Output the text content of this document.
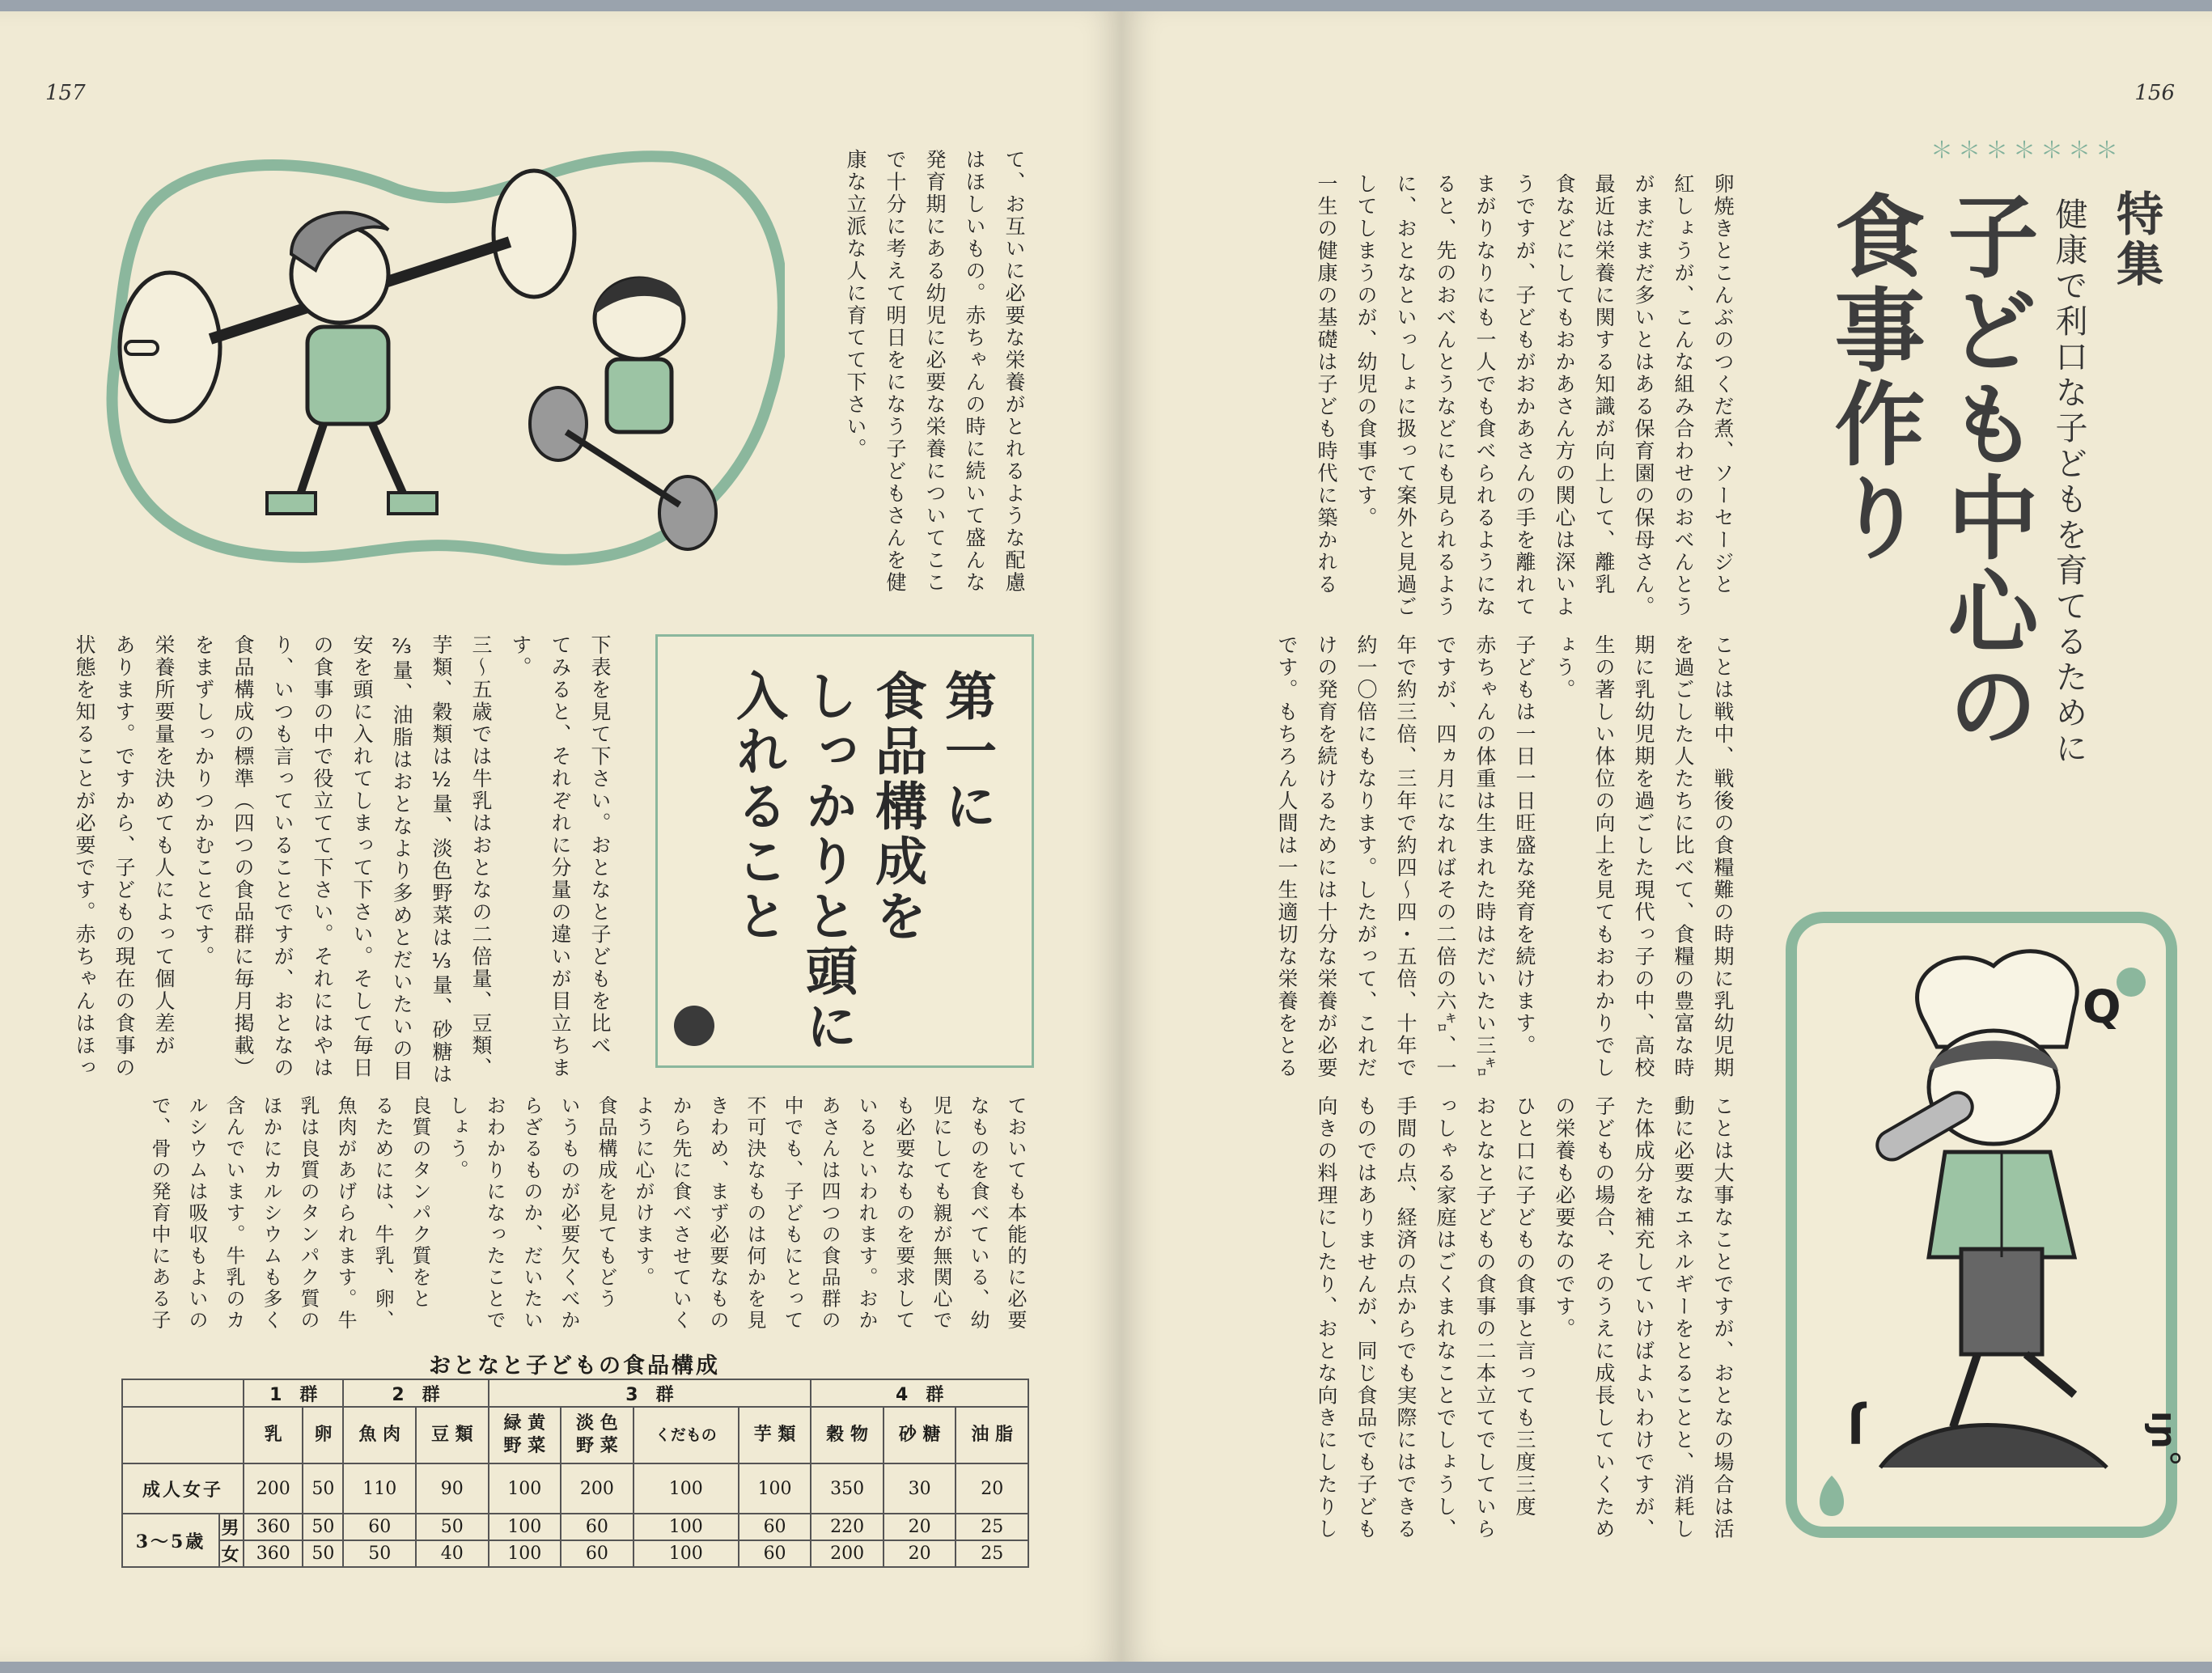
157

て、お互いに必要な栄養がとれるような配慮
はほしいもの。赤ちゃんの時に続いて盛んな
発育期にある幼児に必要な栄養についてここ
で十分に考えて明日をになう子どもさんを健
康な立派な人に育てて下さい。

第一に
食品構成を
しっかりと頭に
入れること

下表を見て下さい。おとなと子どもを比べ
てみると、それぞれに分量の違いが目立ちま
す。
三～五歳では牛乳はおとなの二倍量、豆類、
芋類、穀類は½量、淡色野菜は⅓量、砂糖は
⅔量、油脂はおとなより多めとだいたいの目
安を頭に入れてしまって下さい。そして毎日
の食事の中で役立てて下さい。それにはやは
り、いつも言っていることですが、おとなの
食品構成の標準（四つの食品群に毎月掲載）
をまずしっかりつかむことです。
栄養所要量を決めても人によって個人差が
あります。ですから、子どもの現在の食事の
状態を知ることが必要です。赤ちゃんはほっ

ておいても本能的に必要
なものを食べている、幼
児にしても親が無関心で
も必要なものを要求して
いるといわれます。おか
あさんは四つの食品群の
中でも、子どもにとって
不可決なものは何かを見
きわめ、まず必要なもの
から先に食べさせていく
ように心がけます。
食品構成を見てもどう
いうものが必要欠くべか
らざるものか、だいたい
おわかりになったことで
しょう。
良質のタンパク質をと
るためには、牛乳、卵、
魚肉があげられます。牛
乳は良質のタンパク質の
ほかにカルシウムも多く
含んでいます。牛乳のカ
ルシウムは吸収もよいの
で、骨の発育中にある子

おとなと子どもの食品構成

		1　群		2　群		3　群				4　群		
		乳	卵	魚 肉	豆 類	緑 黄
野 菜	淡 色
野 菜	くだもの	芋 類	穀 物	砂 糖	油 脂
成人女子		200	50	110	90	100	200	100	100	350	30	20
3～5歳	男	360	50	60	50	100	60	100	60	220	20	25
	女	360	50	50	40	100	60	100	60	200	20	25
156
＊＊＊＊＊＊＊

特集

健康で利口な子どもを育てるために

子ども中心の
食事作り

卵焼きとこんぶのつくだ煮、ソーセージと
紅しょうが、こんな組み合わせのおべんとう
がまだまだ多いとはある保育園の保母さん。
最近は栄養に関する知識が向上して、離乳
食などにしてもおかあさん方の関心は深いよ
うですが、子どもがおかあさんの手を離れて
まがりなりにも一人でも食べられるようにな
ると、先のおべんとうなどにも見られるよう
に、おとなといっしょに扱って案外と見過ご
してしまうのが、幼児の食事です。
一生の健康の基礎は子ども時代に築かれる

ことは戦中、戦後の食糧難の時期に乳幼児期
を過ごした人たちに比べて、食糧の豊富な時
期に乳幼児期を過ごした現代っ子の中、高校
生の著しい体位の向上を見てもおわかりでし
ょう。
子どもは一日一日旺盛な発育を続けます。
赤ちゃんの体重は生まれた時はだいたい三㌔
ですが、四ヵ月になればその二倍の六㌔、一
年で約三倍、三年で約四～四・五倍、十年で
約一〇倍にもなります。したがって、これだ
けの発育を続けるためには十分な栄養が必要
です。もちろん人間は一生適切な栄養をとる

ことは大事なことですが、おとなの場合は活
動に必要なエネルギーをとることと、消耗し
た体成分を補充していけばよいわけですが、
子どもの場合、そのうえに成長していくため
の栄養も必要なのです。
ひと口に子どもの食事と言っても三度三度
おとなと子どもの食事の二本立てでしていら
っしゃる家庭はごくまれなことでしょうし、
手間の点、経済の点からでも実際にはできる
ものではありませんが、同じ食品でも子ども
向きの料理にしたり、おとな向きにしたりし

Q
J	ıɲ。
